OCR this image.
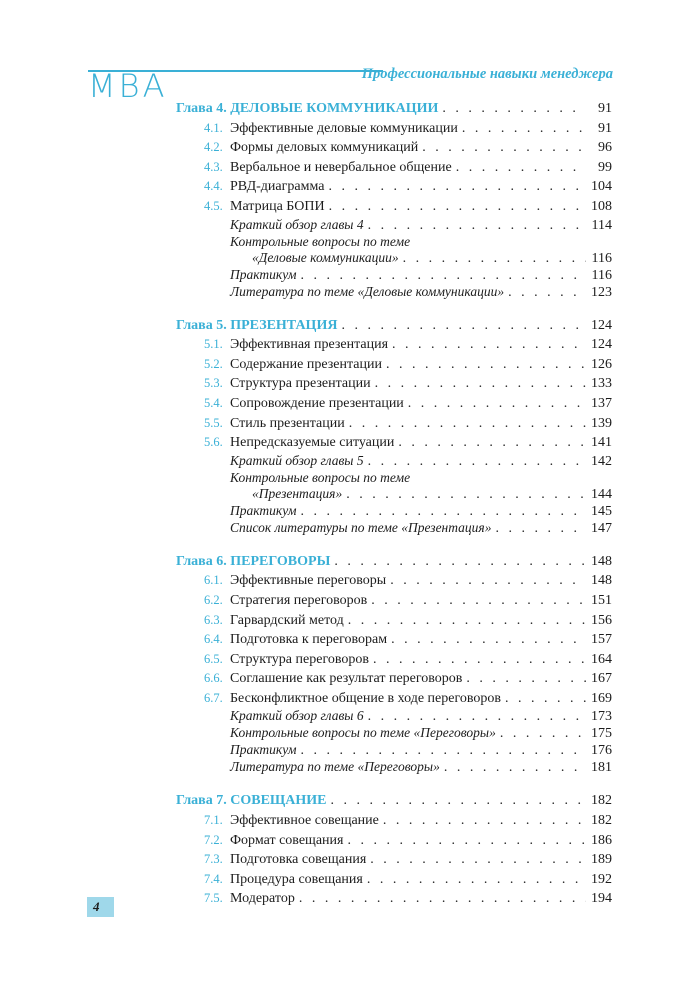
MBA	Профессиональные навыки менеджера
Глава 4. ДЕЛОВЫЕ КОММУНИКАЦИИ . . .	91
4.1. Эффективные деловые коммуникации . . .	91
4.2. Формы деловых коммуникаций . . .	96
4.3. Вербальное и невербальное общение . . .	99
4.4. РВД-диаграмма . . .	104
4.5. Матрица БОПИ . . .	108
Краткий обзор главы 4 . . .	114
Контрольные вопросы по теме
«Деловые коммуникации» . . .	116
Практикум . . .	116
Литература по теме «Деловые коммуникации» . . .	123
Глава 5. ПРЕЗЕНТАЦИЯ . . .	124
5.1. Эффективная презентация . . .	124
5.2. Содержание презентации . . .	126
5.3. Структура презентации . . .	133
5.4. Сопровождение презентации . . .	137
5.5. Стиль презентации . . .	139
5.6. Непредсказуемые ситуации . . .	141
Краткий обзор главы 5 . . .	142
Контрольные вопросы по теме
«Презентация» . . .	144
Практикум . . .	145
Список литературы по теме «Презентация» . . .	147
Глава 6. ПЕРЕГОВОРЫ . . .	148
6.1. Эффективные переговоры . . .	148
6.2. Стратегия переговоров . . .	151
6.3. Гарвардский метод . . .	156
6.4. Подготовка к переговорам . . .	157
6.5. Структура переговоров . . .	164
6.6. Соглашение как результат переговоров . . .	167
6.7. Бесконфликтное общение в ходе переговоров . . .	169
Краткий обзор главы 6 . . .	173
Контрольные вопросы по теме «Переговоры» . . .	175
Практикум . . .	176
Литература по теме «Переговоры» . . .	181
Глава 7. СОВЕЩАНИЕ . . .	182
7.1. Эффективное совещание . . .	182
7.2. Формат совещания . . .	186
7.3. Подготовка совещания . . .	189
7.4. Процедура совещания . . .	192
7.5. Модератор . . .	194
4
